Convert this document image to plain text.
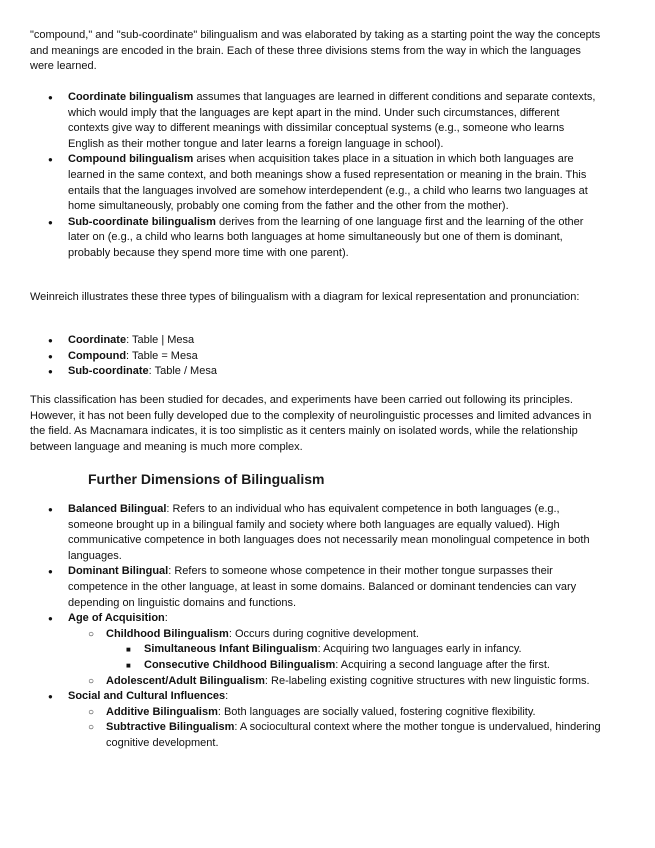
"compound," and "sub-coordinate" bilingualism and was elaborated by taking as a starting point the way the concepts and meanings are encoded in the brain. Each of these three divisions stems from the way in which the languages were learned.

●
Coordinate bilingualism assumes that languages are learned in different conditions and separate contexts, which would imply that the languages are kept apart in the mind. Under such circumstances, different contexts give way to different meanings with dissimilar conceptual systems (e.g., someone who learns English as their mother tongue and later learns a foreign language in school).
●
Compound bilingualism arises when acquisition takes place in a situation in which both languages are learned in the same context, and both meanings show a fused representation or meaning in the brain. This entails that the languages involved are somehow interdependent (e.g., a child who learns two languages at home simultaneously, probably one coming from the father and the other from the mother).
●
Sub-coordinate bilingualism derives from the learning of one language first and the learning of the other later on (e.g., a child who learns both languages at home simultaneously but one of them is dominant, probably because they spend more time with one parent).

Weinreich illustrates these three types of bilingualism with a diagram for lexical representation and pronunciation:

●
Coordinate: Table | Mesa
●
Compound: Table = Mesa
●
Sub-coordinate: Table / Mesa

This classification has been studied for decades, and experiments have been carried out following its principles. However, it has not been fully developed due to the complexity of neurolinguistic processes and limited advances in the field. As Macnamara indicates, it is too simplistic as it centers mainly on isolated words, while the relationship between language and meaning is much more complex.

Further Dimensions of Bilingualism
●
Balanced Bilingual: Refers to an individual who has equivalent competence in both languages (e.g., someone brought up in a bilingual family and society where both languages are equally valued). High communicative competence in both languages does not necessarily mean monolingual competence in both languages.
●
Dominant Bilingual: Refers to someone whose competence in their mother tongue surpasses their competence in the other language, at least in some domains. Balanced or dominant tendencies can vary depending on linguistic domains and functions.
●
Age of Acquisition:
○
Childhood Bilingualism: Occurs during cognitive development.
■
Simultaneous Infant Bilingualism: Acquiring two languages early in infancy.
■
Consecutive Childhood Bilingualism: Acquiring a second language after the first.
○
Adolescent/Adult Bilingualism: Re-labeling existing cognitive structures with new linguistic forms.
●
Social and Cultural Influences:
○
Additive Bilingualism: Both languages are socially valued, fostering cognitive flexibility.
○
Subtractive Bilingualism: A sociocultural context where the mother tongue is undervalued, hindering cognitive development.
